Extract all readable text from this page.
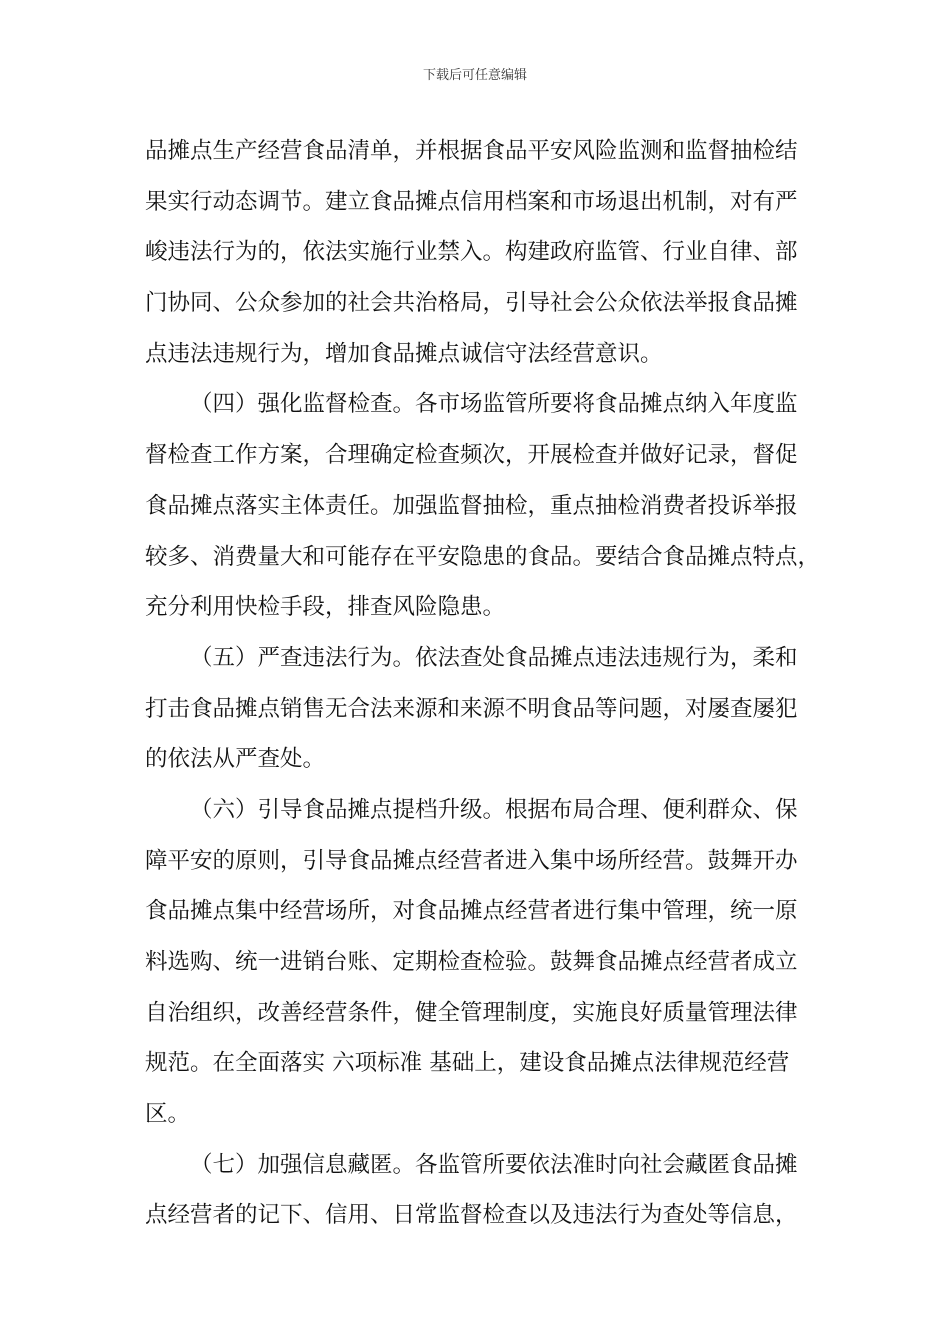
下载后可任意编辑
品摊点生产经营食品清单，并根据食品平安风险监测和监督抽检结
果实行动态调节。建立食品摊点信用档案和市场退出机制，对有严
峻违法行为的，依法实施行业禁入。构建政府监管、行业自律、部
门协同、公众参加的社会共治格局，引导社会公众依法举报食品摊
点违法违规行为，增加食品摊点诚信守法经营意识。
（四）强化监督检查。各市场监管所要将食品摊点纳入年度监
督检查工作方案，合理确定检查频次，开展检查并做好记录，督促
食品摊点落实主体责任。加强监督抽检，重点抽检消费者投诉举报
较多、消费量大和可能存在平安隐患的食品。要结合食品摊点特点，
充分利用快检手段，排查风险隐患。
（五）严查违法行为。依法查处食品摊点违法违规行为，柔和
打击食品摊点销售无合法来源和来源不明食品等问题，对屡查屡犯
的依法从严查处。
（六）引导食品摊点提档升级。根据布局合理、便利群众、保
障平安的原则，引导食品摊点经营者进入集中场所经营。鼓舞开办
食品摊点集中经营场所，对食品摊点经营者进行集中管理，统一原
料选购、统一进销台账、定期检查检验。鼓舞食品摊点经营者成立
自治组织，改善经营条件，健全管理制度，实施良好质量管理法律
规范。在全面落实 六项标准 基础上，建设食品摊点法律规范经营
区。
（七）加强信息藏匿。各监管所要依法准时向社会藏匿食品摊
点经营者的记下、信用、日常监督检查以及违法行为查处等信息，
